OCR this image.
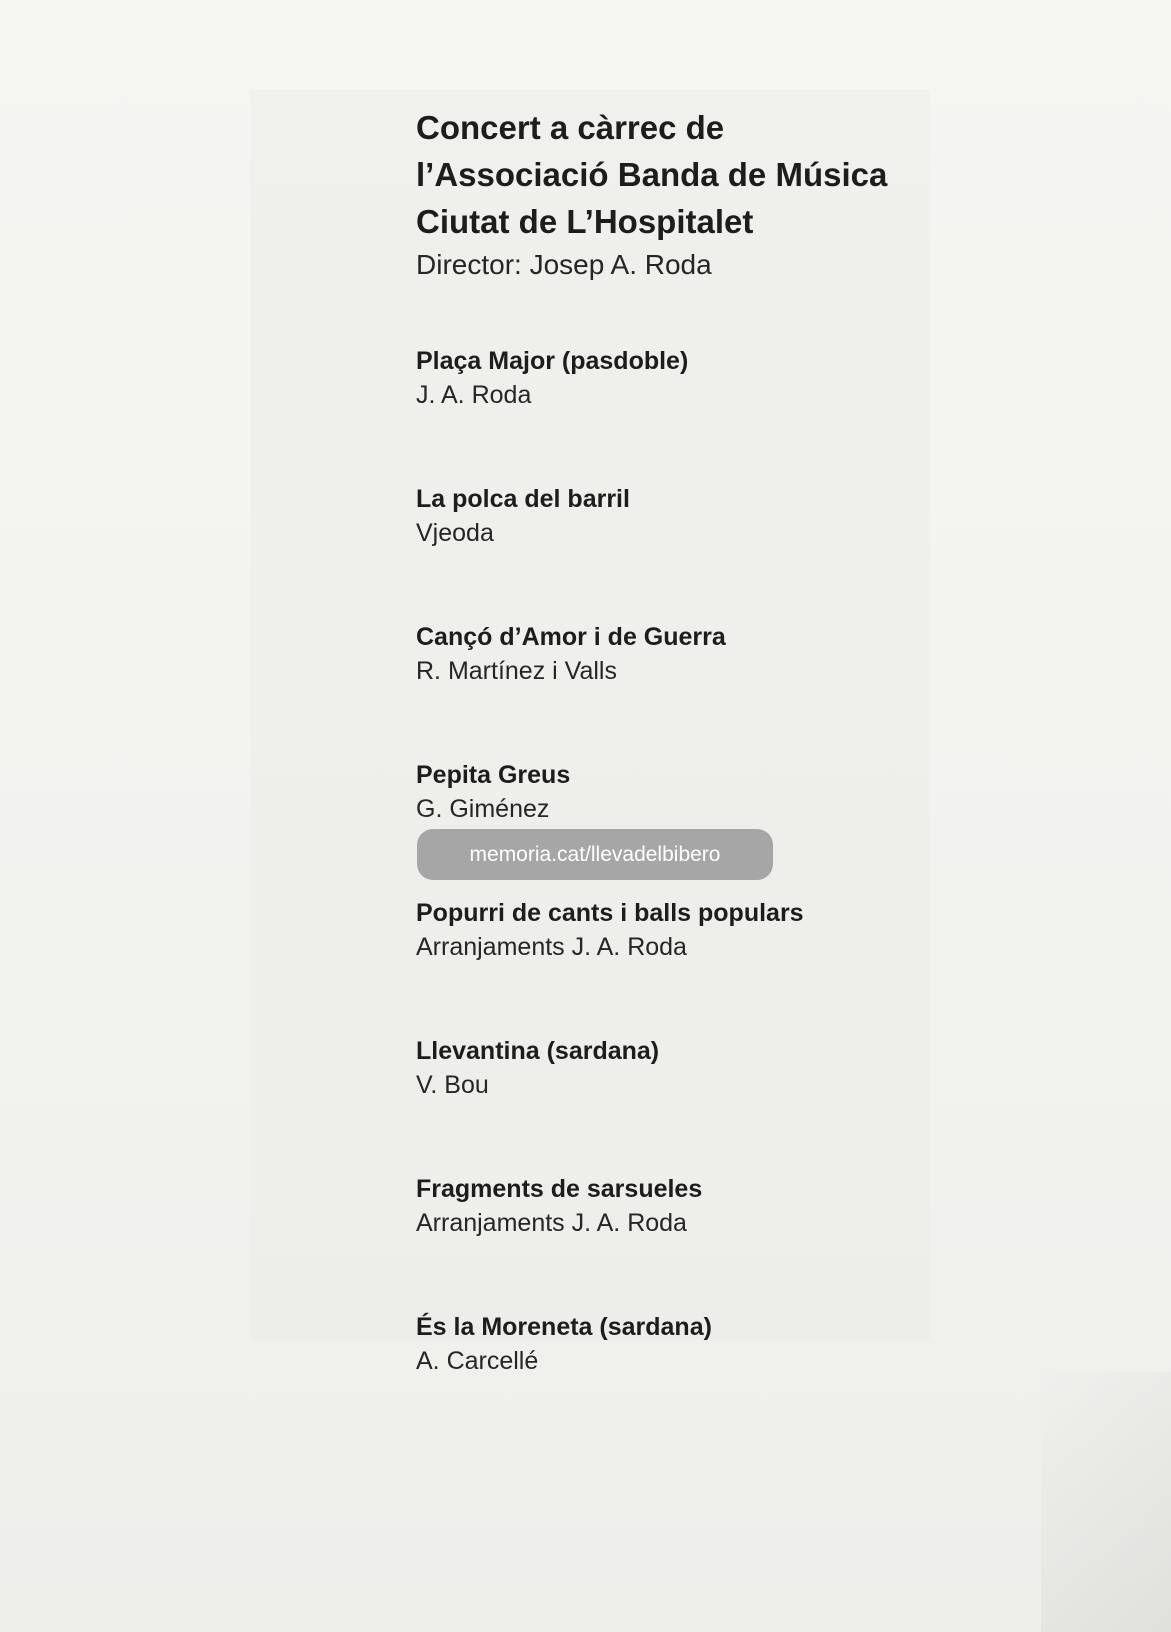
Concert a càrrec de
l’Associació Banda de Música
Ciutat de L’Hospitalet
Director: Josep A. Roda
Plaça Major (pasdoble)
J. A. Roda
La polca del barril
Vjeoda
Cançó d’Amor i de Guerra
R. Martínez i Valls
Pepita Greus
G. Giménez
Popurri de cants i balls populars
Arranjaments J. A. Roda
Llevantina (sardana)
V. Bou
Fragments de sarsueles
Arranjaments J. A. Roda
És la Moreneta (sardana)
A. Carcellé
memoria.cat/llevadelbibero
